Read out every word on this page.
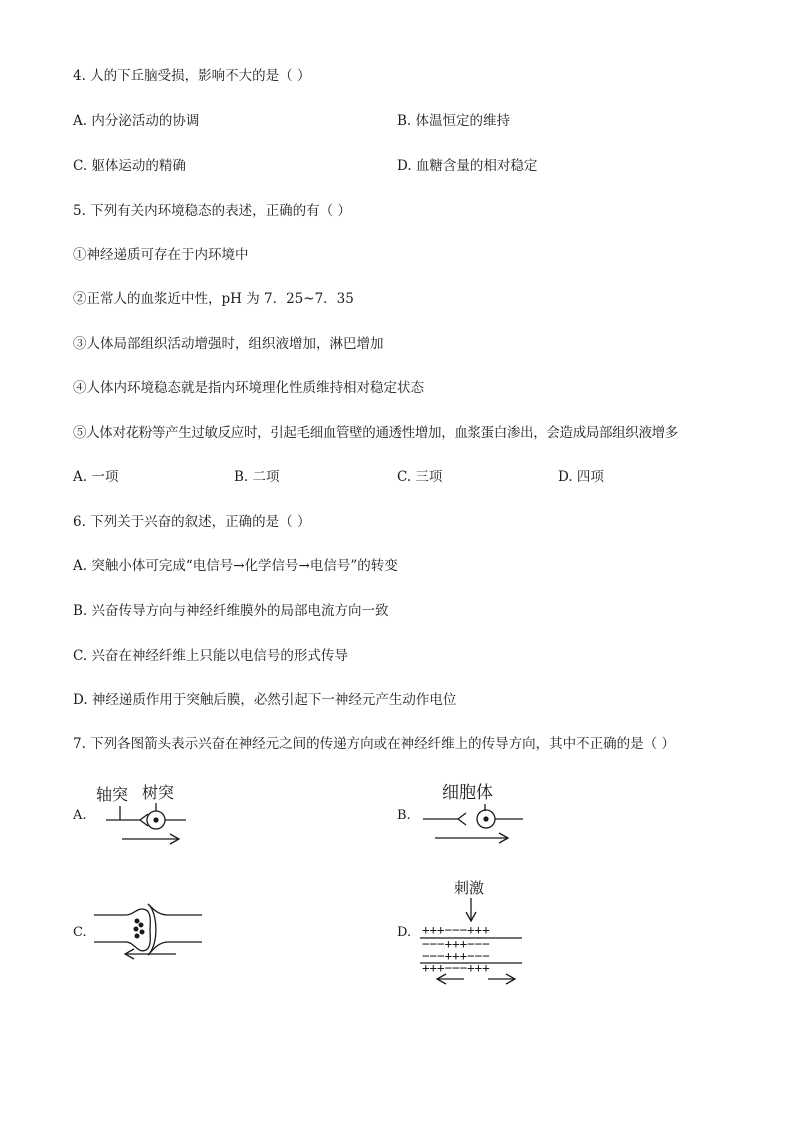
4. 人的下丘脑受损，影响不大的是（ ）
A. 内分泌活动的协调	B. 体温恒定的维持
C. 躯体运动的精确	D. 血糖含量的相对稳定
5. 下列有关内环境稳态的表述，正确的有（ ）
①神经递质可存在于内环境中
②正常人的血浆近中性，pH 为 7．25~7．35
③人体局部组织活动增强时，组织液增加，淋巴增加
④人体内环境稳态就是指内环境理化性质维持相对稳定状态
⑤人体对花粉等产生过敏反应时，引起毛细血管壁的通透性增加，血浆蛋白渗出，会造成局部组织液增多
A. 一项	B. 二项	C. 三项	D. 四项
6. 下列关于兴奋的叙述，正确的是（ ）
A. 突触小体可完成“电信号→化学信号→电信号”的转变
B. 兴奋传导方向与神经纤维膜外的局部电流方向一致
C. 兴奋在神经纤维上只能以电信号的形式传导
D. 神经递质作用于突触后膜，必然引起下一神经元产生动作电位
7. 下列各图箭头表示兴奋在神经元之间的传递方向或在神经纤维上的传导方向，其中不正确的是（ ）
A.
轴突 树突
B.
细胞体
C.	D.
刺激
+++−−−+++
−−−+++−−−
−−−+++−−−
+++−−−+++
